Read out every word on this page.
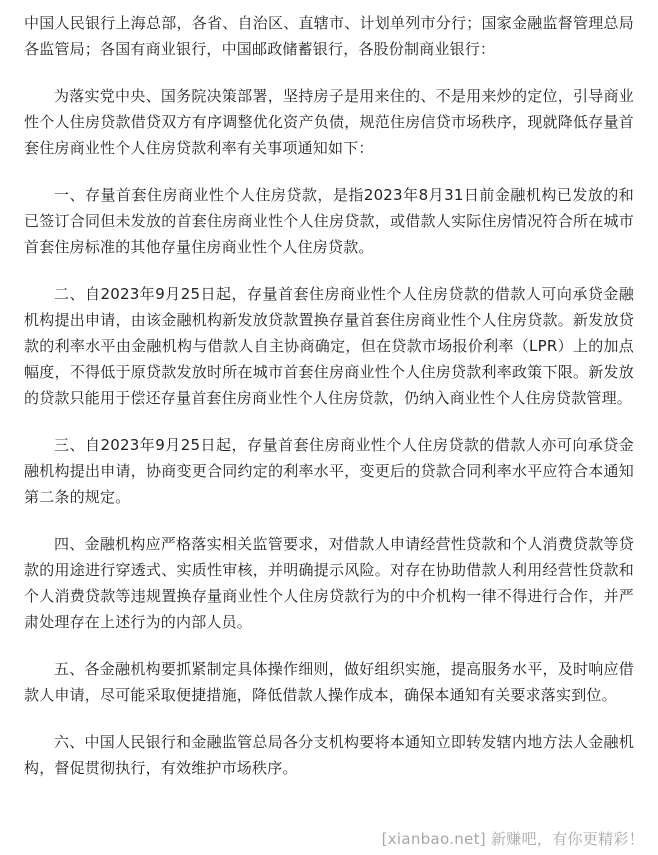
中国人民银行上海总部，各省、自治区、直辖市、计划单列市分行；国家金融监督管理总局各监管局；各国有商业银行，中国邮政储蓄银行，各股份制商业银行：

为落实党中央、国务院决策部署，坚持房子是用来住的、不是用来炒的定位，引导商业性个人住房贷款借贷双方有序调整优化资产负债，规范住房信贷市场秩序，现就降低存量首套住房商业性个人住房贷款利率有关事项通知如下：

一、存量首套住房商业性个人住房贷款，是指2023年8月31日前金融机构已发放的和已签订合同但未发放的首套住房商业性个人住房贷款，或借款人实际住房情况符合所在城市首套住房标准的其他存量住房商业性个人住房贷款。

二、自2023年9月25日起，存量首套住房商业性个人住房贷款的借款人可向承贷金融机构提出申请，由该金融机构新发放贷款置换存量首套住房商业性个人住房贷款。新发放贷款的利率水平由金融机构与借款人自主协商确定，但在贷款市场报价利率（LPR）上的加点幅度，不得低于原贷款发放时所在城市首套住房商业性个人住房贷款利率政策下限。新发放的贷款只能用于偿还存量首套住房商业性个人住房贷款，仍纳入商业性个人住房贷款管理。

三、自2023年9月25日起，存量首套住房商业性个人住房贷款的借款人亦可向承贷金融机构提出申请，协商变更合同约定的利率水平，变更后的贷款合同利率水平应符合本通知第二条的规定。

四、金融机构应严格落实相关监管要求，对借款人申请经营性贷款和个人消费贷款等贷款的用途进行穿透式、实质性审核，并明确提示风险。对存在协助借款人利用经营性贷款和个人消费贷款等违规置换存量商业性个人住房贷款行为的中介机构一律不得进行合作，并严肃处理存在上述行为的内部人员。

五、各金融机构要抓紧制定具体操作细则，做好组织实施，提高服务水平，及时响应借款人申请，尽可能采取便捷措施，降低借款人操作成本，确保本通知有关要求落实到位。

六、中国人民银行和金融监管总局各分支机构要将本通知立即转发辖内地方法人金融机构，督促贯彻执行，有效维护市场秩序。

[xianbao.net] 新赚吧，有你更精彩！
